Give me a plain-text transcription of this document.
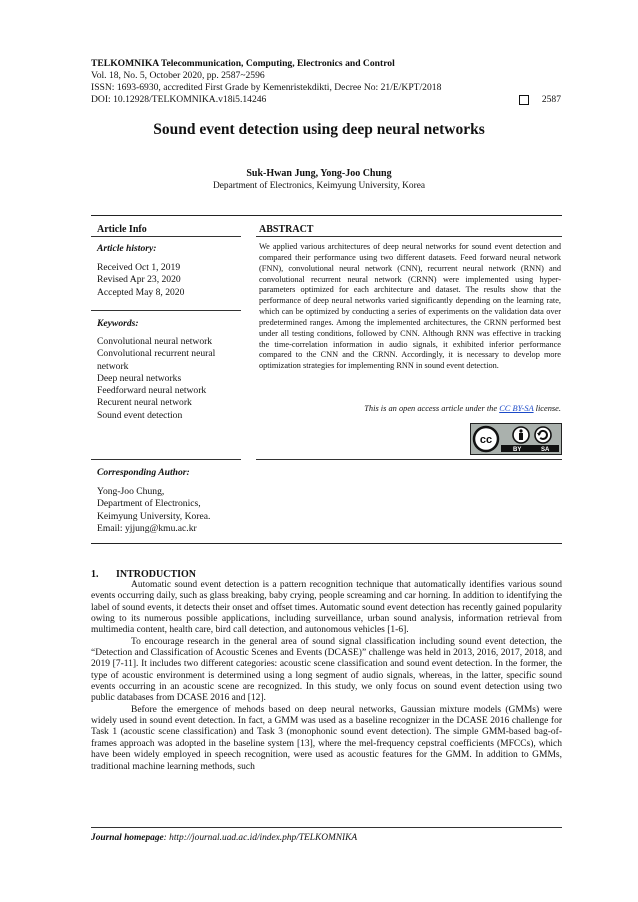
TELKOMNIKA Telecommunication, Computing, Electronics and Control
Vol. 18, No. 5, October 2020, pp. 2587~2596
ISSN: 1693-6930, accredited First Grade by Kemenristekdikti, Decree No: 21/E/KPT/2018
DOI: 10.12928/TELKOMNIKA.v18i5.14246	2587
Sound event detection using deep neural networks
Suk-Hwan Jung, Yong-Joo Chung
Department of Electronics, Keimyung University, Korea
Article Info	ABSTRACT
Article history:
Received Oct 1, 2019
Revised Apr 23, 2020
Accepted May 8, 2020
Keywords:
Convolutional neural network
Convolutional recurrent neural
network
Deep neural networks
Feedforward neural network
Recurent neural network
Sound event detection
We applied various architectures of deep neural networks for sound event detection and compared their performance using two different datasets. Feed forward neural network (FNN), convolutional neural network (CNN), recurrent neural network (RNN) and convolutional recurrent neural network (CRNN) were implemented using hyper-parameters optimized for each architecture and dataset. The results show that the performance of deep neural networks varied significantly depending on the learning rate, which can be optimized by conducting a series of experiments on the validation data over predetermined ranges. Among the implemented architectures, the CRNN performed best under all testing conditions, followed by CNN. Although RNN was effective in tracking the time-correlation information in audio signals, it exhibited inferior performance compared to the CNN and the CRNN. Accordingly, it is necessary to develop more optimization strategies for implementing RNN in sound event detection.
This is an open access article under the CC BY-SA license.
cc
BY	SA
Corresponding Author:
Yong-Joo Chung,
Department of Electronics,
Keimyung University, Korea.
Email: yjjung@kmu.ac.kr
1. INTRODUCTION

Automatic sound event detection is a pattern recognition technique that automatically identifies various sound events occurring daily, such as glass breaking, baby crying, people screaming and car horning. In addition to identifying the label of sound events, it detects their onset and offset times. Automatic sound event detection has recently gained popularity owing to its numerous possible applications, including surveillance, urban sound analysis, information retrieval from multimedia content, health care, bird call detection, and autonomous vehicles [1-6].

To encourage research in the general area of sound signal classification including sound event detection, the “Detection and Classification of Acoustic Scenes and Events (DCASE)” challenge was held in 2013, 2016, 2017, 2018, and 2019 [7-11]. It includes two different categories: acoustic scene classification and sound event detection. In the former, the type of acoustic environment is determined using a long segment of audio signals, whereas, in the latter, specific sound events occurring in an acoustic scene are recognized. In this study, we only focus on sound event detection using two public databases from DCASE 2016 and [12].

Before the emergence of mehods based on deep neural networks, Gaussian mixture models (GMMs) were widely used in sound event detection. In fact, a GMM was used as a baseline recognizer in the DCASE 2016 challenge for Task 1 (acoustic scene classification) and Task 3 (monophonic sound event detection). The simple GMM-based bag-of-frames approach was adopted in the baseline system [13], where the mel-frequency cepstral coefficients (MFCCs), which have been widely employed in speech recognition, were used as acoustic features for the GMM. In addition to GMMs, traditional machine learning methods, such

Journal homepage: http://journal.uad.ac.id/index.php/TELKOMNIKA
